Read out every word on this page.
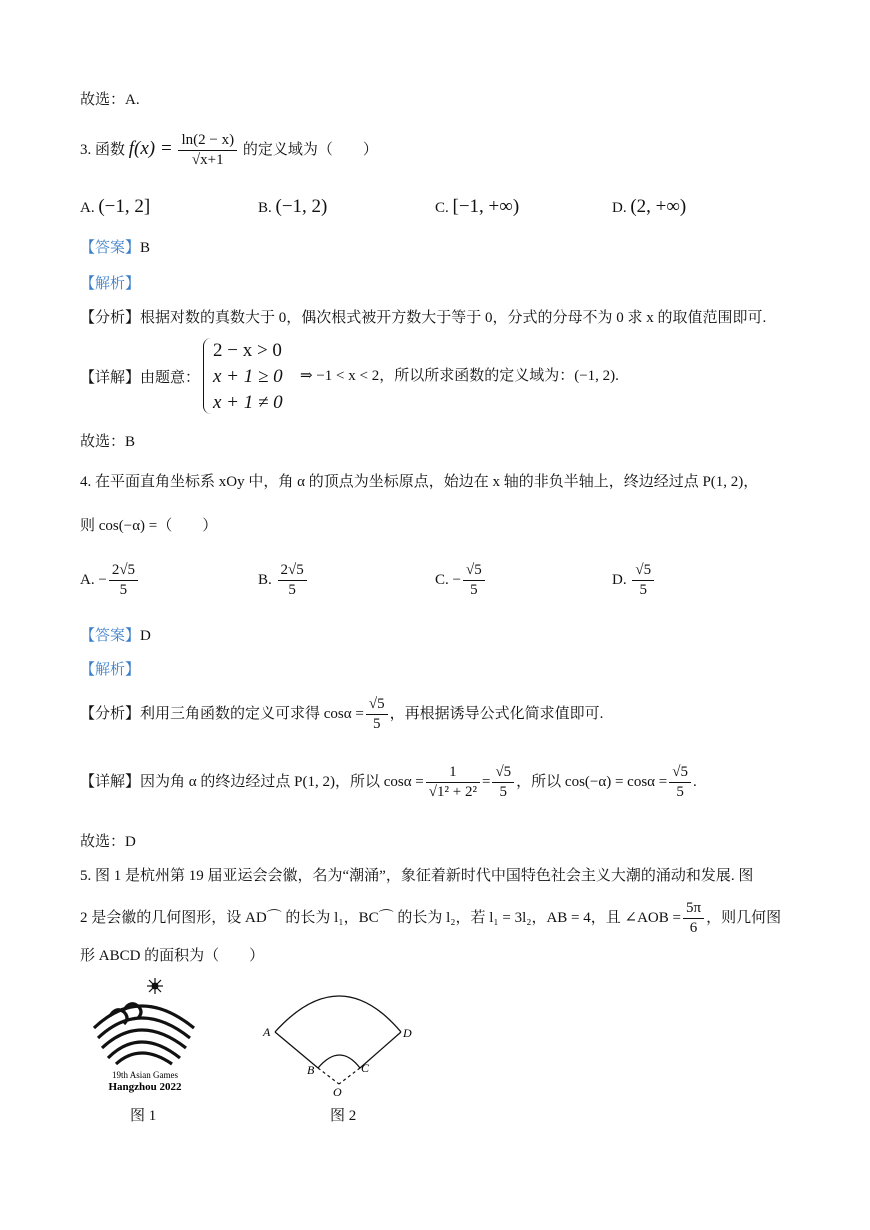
故选：A.
3. 函数 $f(x) = \frac{\ln(2 - x)}{√x+1}$ 的定义域为（　　）
A. (−1, 2]	B. (−1, 2)	C. [−1, +∞)	D. (2, +∞)
【答案】B
【解析】
【分析】根据对数的真数大于 0，偶次根式被开方数大于等于 0，分式的分母不为 0 求 x 的取值范围即可.
【详解】由题意：
2 − x > 0
x + 1 ≥ 0
x + 1 ≠ 0
⇒ −1 < x < 2，所以所求函数的定义域为：(−1, 2).
故选：B
4. 在平面直角坐标系 xOy 中，角 α 的顶点为坐标原点，始边在 x 轴的非负半轴上，终边经过点 P(1, 2)，
则 cos(−α) =（　　）
A. − $\frac{2√5}{5}$	B. $\frac{2√5}{5}$	C. − $\frac{√5}{5}$	D. $\frac{√5}{5}$
【答案】D
【解析】
【分析】利用三角函数的定义可求得 $\cos\alpha = \frac{√5}{5}$ ，再根据诱导公式化简求值即可.
【详解】因为角 α 的终边经过点 P(1, 2)，所以 $\cos\alpha = \frac{1}{\text{√1² + 2²}} = \frac{√5}{5}$ ，所以 $\cos(-\alpha) = \cos\alpha = \frac{√5}{5}$ .
故选：D
5. 图 1 是杭州第 19 届亚运会会徽，名为“潮涌”，象征着新时代中国特色社会主义大潮的涌动和发展. 图
2 是会徽的几何图形，设 AD⌒ 的长为 l₁，BC⌒ 的长为 l₂，若 l₁ = 3l₂，AB = 4，且 ∠AOB = $\frac{5\pi}{6}$ ，则几何图
形 ABCD 的面积为（　　）
19th Asian Games
Hangzhou 2022
A	D
B	C
O
图 1	图 2
